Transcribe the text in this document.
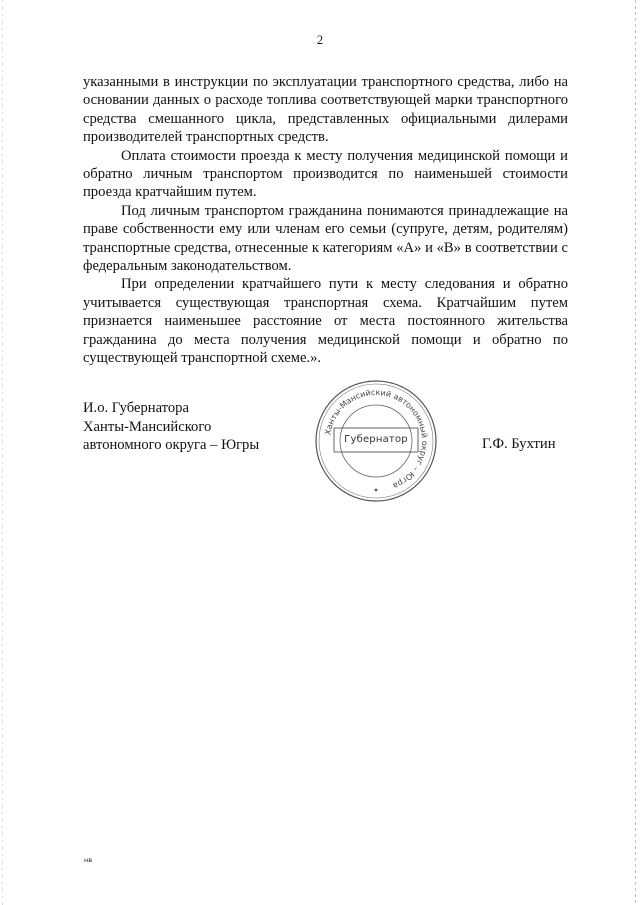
2

указанными в инструкции по эксплуатации транспортного средства, либо на основании данных о расходе топлива соответствующей марки транспортного средства смешанного цикла, представленных официальными дилерами производителей транспортных средств.

Оплата стоимости проезда к месту получения медицинской помощи и обратно личным транспортом производится по наименьшей стоимости проезда кратчайшим путем.

Под личным транспортом гражданина понимаются принадлежащие на праве собственности ему или членам его семьи (супруге, детям, родителям) транспортные средства, отнесенные к категориям «А» и «В» в соответствии с федеральным законодательством.

При определении кратчайшего пути к месту следования и обратно учитывается существующая транспортная схема. Кратчайшим путем признается наименьшее расстояние от места постоянного жительства гражданина до места получения медицинской помощи и обратно по существующей транспортной схеме.».

И.о. Губернатора
Ханты-Мансийского
автономного округа – Югры
Ханты-Мансийский автономный округ – Югра
Губернатор	Г.Ф. Бухтин
нв
